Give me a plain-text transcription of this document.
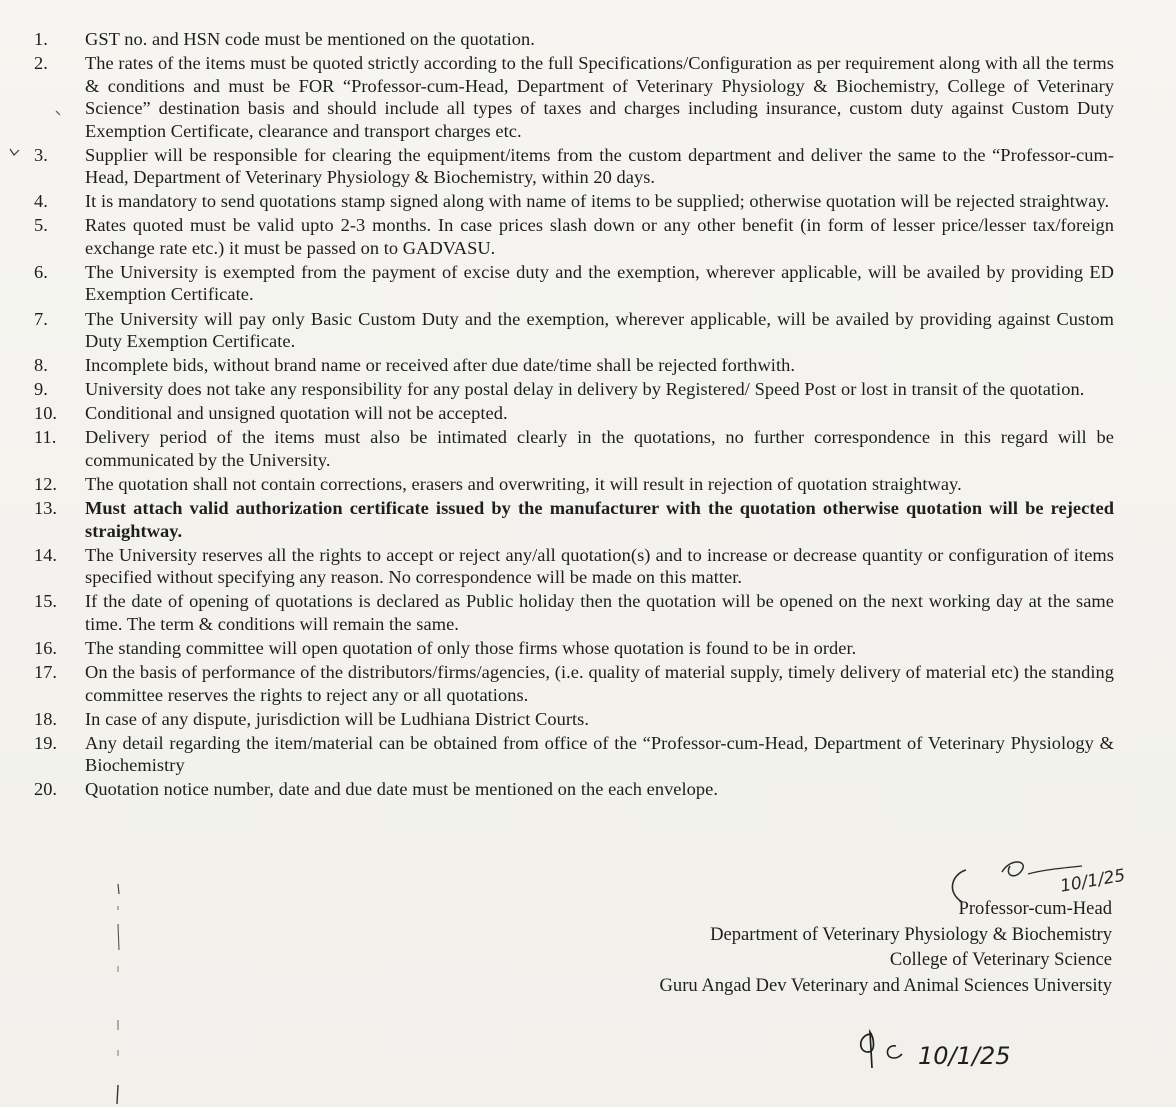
1.	GST no. and HSN code must be mentioned on the quotation.
2.	The rates of the items must be quoted strictly according to the full Specifications/Configuration as per requirement along with all the terms & conditions and must be FOR “Professor-cum-Head, Department of Veterinary Physiology & Biochemistry, College of Veterinary Science” destination basis and should include all types of taxes and charges including insurance, custom duty against Custom Duty Exemption Certificate, clearance and transport charges etc.
3.	Supplier will be responsible for clearing the equipment/items from the custom department and deliver the same to the “Professor-cum-Head, Department of Veterinary Physiology & Biochemistry, within 20 days.
4.	It is mandatory to send quotations stamp signed along with name of items to be supplied; otherwise quotation will be rejected straightway.
5.	Rates quoted must be valid upto 2-3 months. In case prices slash down or any other benefit (in form of lesser price/lesser tax/foreign exchange rate etc.) it must be passed on to GADVASU.
6.	The University is exempted from the payment of excise duty and the exemption, wherever applicable, will be availed by providing ED Exemption Certificate.
7.	The University will pay only Basic Custom Duty and the exemption, wherever applicable, will be availed by providing against Custom Duty Exemption Certificate.
8.	Incomplete bids, without brand name or received after due date/time shall be rejected forthwith.
9.	University does not take any responsibility for any postal delay in delivery by Registered/ Speed Post or lost in transit of the quotation.
10.	Conditional and unsigned quotation will not be accepted.
11.	Delivery period of the items must also be intimated clearly in the quotations, no further correspondence in this regard will be communicated by the University.
12.	The quotation shall not contain corrections, erasers and overwriting, it will result in rejection of quotation straightway.
13.	Must attach valid authorization certificate issued by the manufacturer with the quotation otherwise quotation will be rejected straightway.
14.	The University reserves all the rights to accept or reject any/all quotation(s) and to increase or decrease quantity or configuration of items specified without specifying any reason. No correspondence will be made on this matter.
15.	If the date of opening of quotations is declared as Public holiday then the quotation will be opened on the next working day at the same time. The term & conditions will remain the same.
16.	The standing committee will open quotation of only those firms whose quotation is found to be in order.
17.	On the basis of performance of the distributors/firms/agencies, (i.e. quality of material supply, timely delivery of material etc) the standing committee reserves the rights to reject any or all quotations.
18.	In case of any dispute, jurisdiction will be Ludhiana District Courts.
19.	Any detail regarding the item/material can be obtained from office of the “Professor-cum-Head, Department of Veterinary Physiology & Biochemistry
20.	Quotation notice number, date and due date must be mentioned on the each envelope.
10/1/25
Professor-cum-Head
Department of Veterinary Physiology & Biochemistry
College of Veterinary Science
Guru Angad Dev Veterinary and Animal Sciences University
10/1/25
